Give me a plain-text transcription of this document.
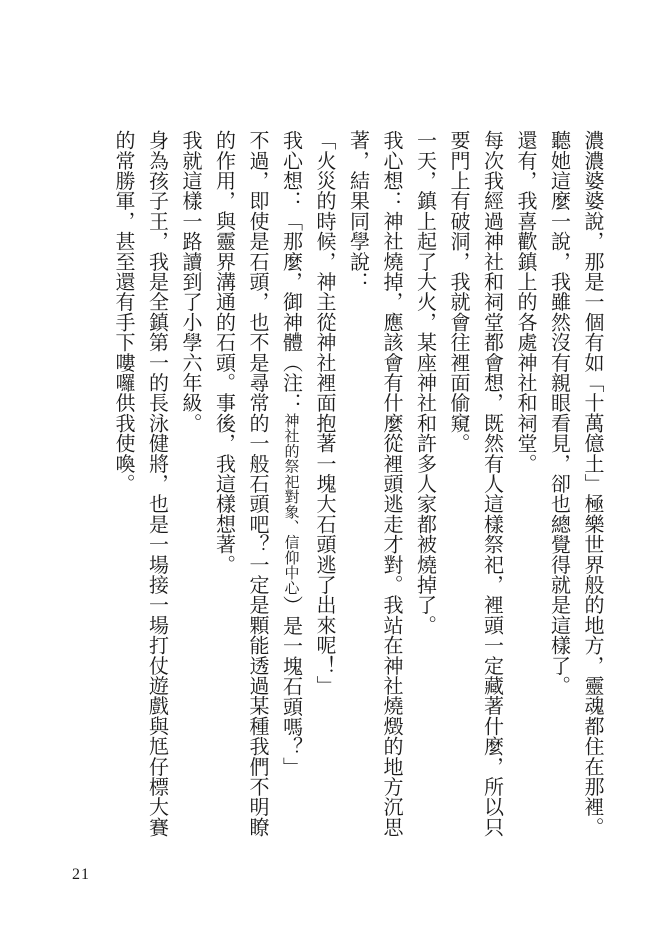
濃濃婆婆說，那是一個有如「十萬億土」極樂世界般的地方，靈魂都住在那裡。
聽她這麼一說，我雖然沒有親眼看見，卻也總覺得就是這樣了。
還有，我喜歡鎮上的各處神社和祠堂。
每次我經過神社和祠堂都會想，既然有人這樣祭祀，裡頭一定藏著什麼，所以只
要門上有破洞，我就會往裡面偷窺。
一天，鎮上起了大火，某座神社和許多人家都被燒掉了。
我心想：神社燒掉，應該會有什麼從裡頭逃走才對。我站在神社燒燬的地方沉思
著，結果同學說：
「火災的時候，神主從神社裡面抱著一塊大石頭逃了出來呢！」
我心想：「那麼，御神體（注：神社的祭祀對象、信仰中心）是一塊石頭嗎？」
不過，即使是石頭，也不是尋常的一般石頭吧？一定是顆能透過某種我們不明瞭
的作用，與靈界溝通的石頭。事後，我這樣想著。
我就這樣一路讀到了小學六年級。
身為孩子王，我是全鎮第一的長泳健將，也是一場接一場打仗遊戲與尪仔標大賽
的常勝軍，甚至還有手下嘍囉供我使喚。
21
